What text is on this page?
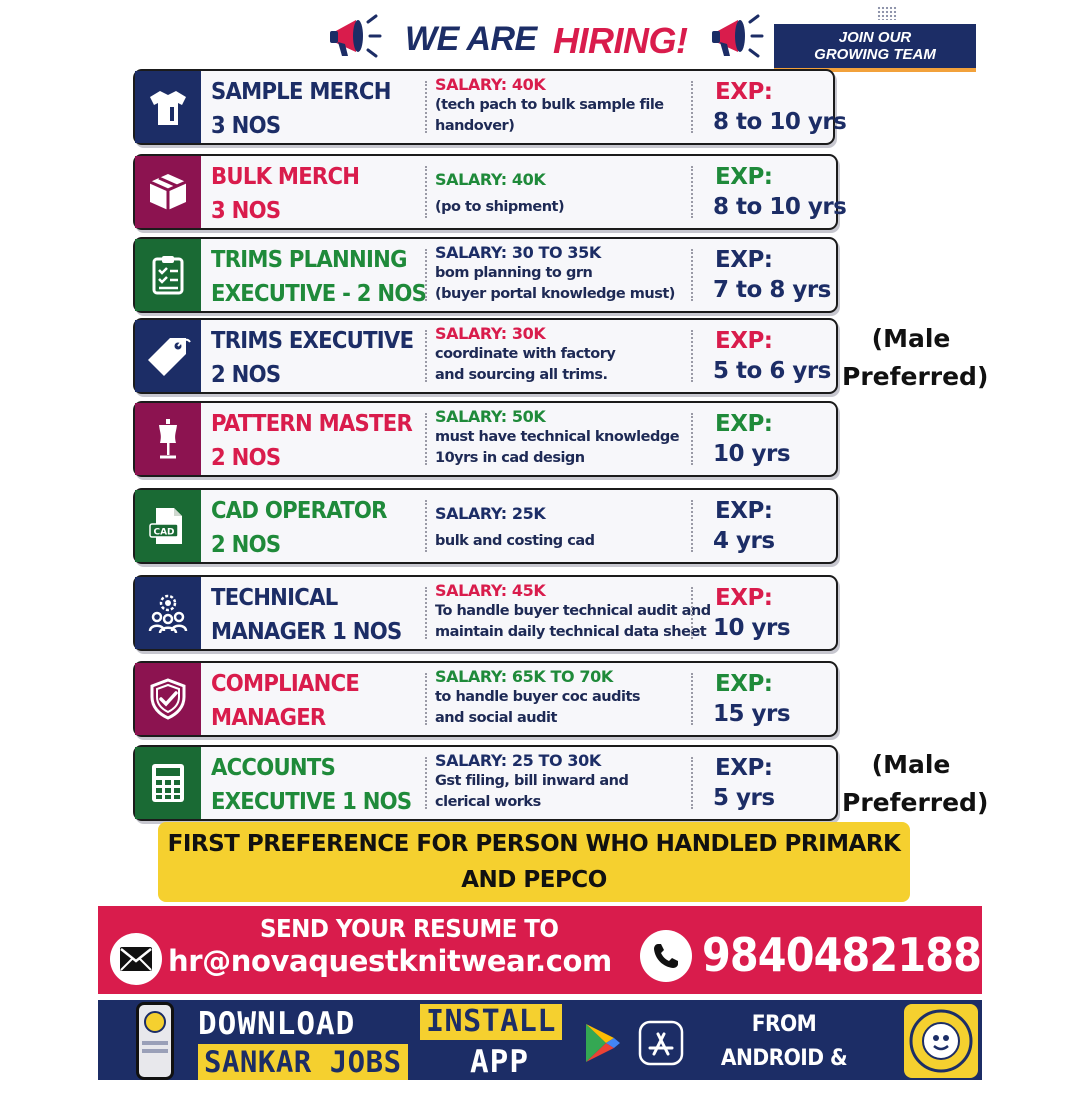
WE ARE HIRING!	JOIN OUR
GROWING TEAM
SAMPLE MERCH
3 NOS
SALARY: 40K
(tech pach to bulk sample file
handover)
EXP:
8 to 10 yrs
BULK MERCH
3 NOS
SALARY: 40K
(po to shipment)
EXP:
8 to 10 yrs
TRIMS PLANNING
EXECUTIVE - 2 NOS
SALARY: 30 TO 35K
bom planning to grn
(buyer portal knowledge must)
EXP:
7 to 8 yrs
TRIMS EXECUTIVE
2 NOS
SALARY: 30K
coordinate with factory
and sourcing all trims.
EXP:
5 to 6 yrs
PATTERN MASTER
2 NOS
SALARY: 50K
must have technical knowledge
10yrs in cad design
EXP:
10 yrs
CAD
CAD OPERATOR
2 NOS
SALARY: 25K
bulk and costing cad
EXP:
4 yrs
TECHNICAL
MANAGER 1 NOS
SALARY: 45K
To handle buyer technical audit and
maintain daily technical data sheet
EXP:
10 yrs
COMPLIANCE
MANAGER
SALARY: 65K TO 70K
to handle buyer coc audits
and social audit
EXP:
15 yrs
ACCOUNTS
EXECUTIVE 1 NOS
SALARY: 25 TO 30K
Gst filing, bill inward and
clerical works
EXP:
5 yrs
(Male
Preferred)
(Male
Preferred)
FIRST PREFERENCE FOR PERSON WHO HANDLED PRIMARK
AND PEPCO
SEND YOUR RESUME TO
hr@novaquestknitwear.com 9840482188
DOWNLOAD
SANKAR JOBS
INSTALL
APP
FROM ANDROID &
IPHONE
